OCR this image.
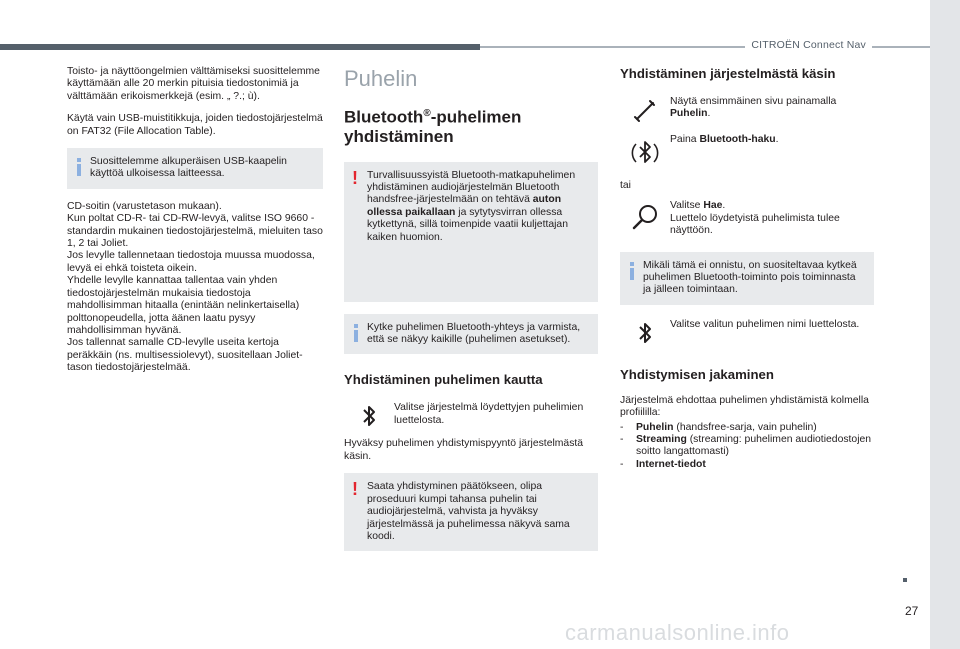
CITROËN Connect Nav

Toisto- ja näyttöongelmien välttämiseksi suosittelemme käyttämään alle 20 merkin pituisia tiedostonimiä ja välttämään erikoismerkkejä (esim. „ ?.; ù).

Käytä vain USB-muistitikkuja, joiden tiedostojärjestelmä on FAT32 (File Allocation Table).

Suosittelemme alkuperäisen USB-kaapelin käyttöä ulkoisessa laitteessa.

CD-soitin (varustetason mukaan).
Kun poltat CD-R- tai CD-RW-levyä, valitse ISO 9660 -standardin mukainen tiedostojärjestelmä, mieluiten taso 1, 2 tai Joliet.
Jos levylle tallennetaan tiedostoja muussa muodossa, levyä ei ehkä toisteta oikein.
Yhdelle levylle kannattaa tallentaa vain yhden tiedostojärjestelmän mukaisia tiedostoja mahdollisimman hitaalla (enintään nelinkertaisella) polttonopeudella, jotta äänen laatu pysyy mahdollisimman hyvänä.
Jos tallennat samalle CD-levylle useita kertoja peräkkäin (ns. multisessiolevyt), suositellaan Joliet-tason tiedostojärjestelmää.

Puhelin
Bluetooth®-puhelimen yhdistäminen
! Turvallisuussyistä Bluetooth-matkapuhelimen yhdistäminen audiojärjestelmän Bluetooth handsfree-järjestelmään on tehtävä auton ollessa paikallaan ja sytytysvirran ollessa kytkettynä, sillä toimenpide vaatii kuljettajan kaiken huomion.
Kytke puhelimen Bluetooth-yhteys ja varmista, että se näkyy kaikille (puhelimen asetukset).
Yhdistäminen puhelimen kautta
Valitse järjestelmä löydettyjen puhelimien luettelosta.

Hyväksy puhelimen yhdistymispyyntö järjestelmästä käsin.

! Saata yhdistyminen päätökseen, olipa proseduuri kumpi tahansa puhelin tai audiojärjestelmä, vahvista ja hyväksy järjestelmässä ja puhelimessa näkyvä sama koodi.
Yhdistäminen järjestelmästä käsin
Näytä ensimmäinen sivu painamalla Puhelin.
Paina Bluetooth-haku.
tai
Valitse Hae.
Luettelo löydetyistä puhelimista tulee näyttöön.
Mikäli tämä ei onnistu, on suositeltavaa kytkeä puhelimen Bluetooth-toiminto pois toiminnasta ja jälleen toimintaan.
Valitse valitun puhelimen nimi luettelosta.
Yhdistymisen jakaminen

Järjestelmä ehdottaa puhelimen yhdistämistä kolmella profiililla:

- Puhelin (handsfree-sarja, vain puhelin)
- Streaming (streaming: puhelimen audiotiedostojen soitto langattomasti)
- Internet-tiedot
27
carmanualsonline.info
